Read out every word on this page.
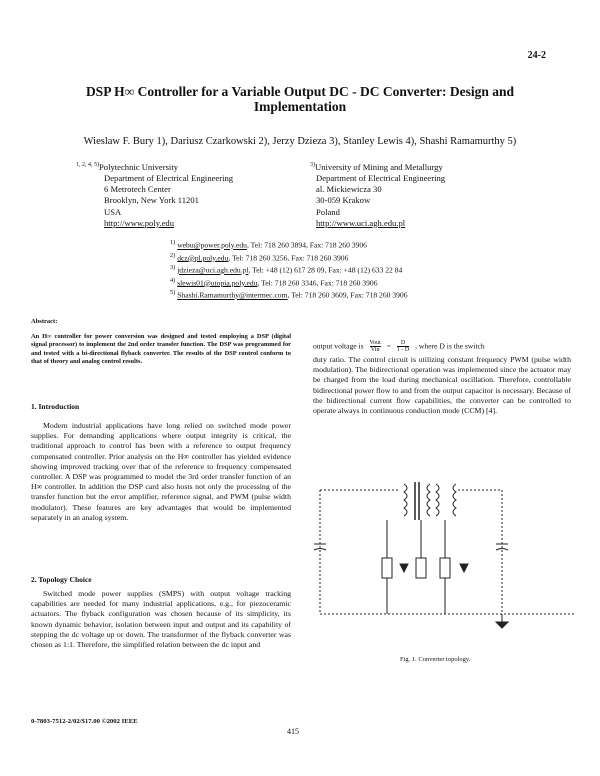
24-2
DSP H∞ Controller for a Variable Output DC - DC Converter: Design and
Implementation
Wieslaw F. Bury 1), Dariusz Czarkowski 2), Jerzy Dzieza 3), Stanley Lewis 4), Shashi Ramamurthy 5)
$^{1, 2, 4, 5)}$Polytechnic University
Department of Electrical Engineering
6 Metrotech Center
Brooklyn, New York 11201
USA
http://www.poly.edu
$^{3)}$University of Mining and Metallurgy
Department of Electrical Engineering
al. Mickiewicza 30
30-059 Krakow
Poland
http://www.uci.agh.edu.pl
$^{1)}$ webu@power.poly.edu, Tel: 718 260 3894, Fax: 718 260 3906
$^{2)}$ dcz@pl.poly.edu, Tel: 718 260 3256, Fax: 718 260 3906
$^{3)}$ jdzieza@uci.agh.edu.pl, Tel: +48 (12) 617 28 09, Fax: +48 (12) 633 22 84
$^{4)}$ slewis01@utopia.poly.edu, Tel: 718 260 3346, Fax: 718 260 3906
$^{5)}$ Shashi.Ramamurthy@intermec.com, Tel: 718 260 3609, Fax: 718 260 3906
Abstract:
An H∞ controller for power conversion was designed and tested employing a DSP (digital signal processor) to implement the 2nd order transfer function. The DSP was programmed for and tested with a bi-directional flyback converter. The results of the DSP control conform to that of theory and analog control results.
1. Introduction
Modern industrial applications have long relied on switched mode power supplies. For demanding applications where output integrity is critical, the traditional approach to control has been with a reference to output frequency compensated controller. Prior analysis on the H∞ controller has yielded evidence showing improved tracking over that of the reference to frequency compensated controller. A DSP was programmed to model the 3rd order transfer function of an H∞ controller. In addition the DSP card also hosts not only the processing of the transfer function but the error amplifier, reference signal, and PWM (pulse width modulator). These features are key advantages that would be implemented separately in an analog system.
2. Topology Choice
Switched mode power supplies (SMPS) with output voltage tracking capabilities are needed for many industrial applications, e.g., for piezoceramic actuators. The flyback configuration was chosen because of its simplicity, its known dynamic behavior, isolation between input and output and its capability of stepping the dc voltage up or down. The transformer of the flyback converter was chosen as 1:1. Therefore, the simplified relation between the dc input and
output voltage is Vout
Vin = $\frac{D}{1 - D}$ , where D is the switch
duty ratio. The control circuit is utilizing constant frequency PWM (pulse width modulation). The bidirectional operation was implemented since the actuator may be charged from the load during mechanical oscillation. Therefore, controllable bidirectional power flow to and from the output capacitor is necessary. Because of the bidirectional current flow capabilities, the converter can be controlled to operate always in continuous conduction mode (CCM) [4].
Fig. 1. Converter topology.
0-7803-7512-2/02/$17.00 ©2002 IEEE
415
